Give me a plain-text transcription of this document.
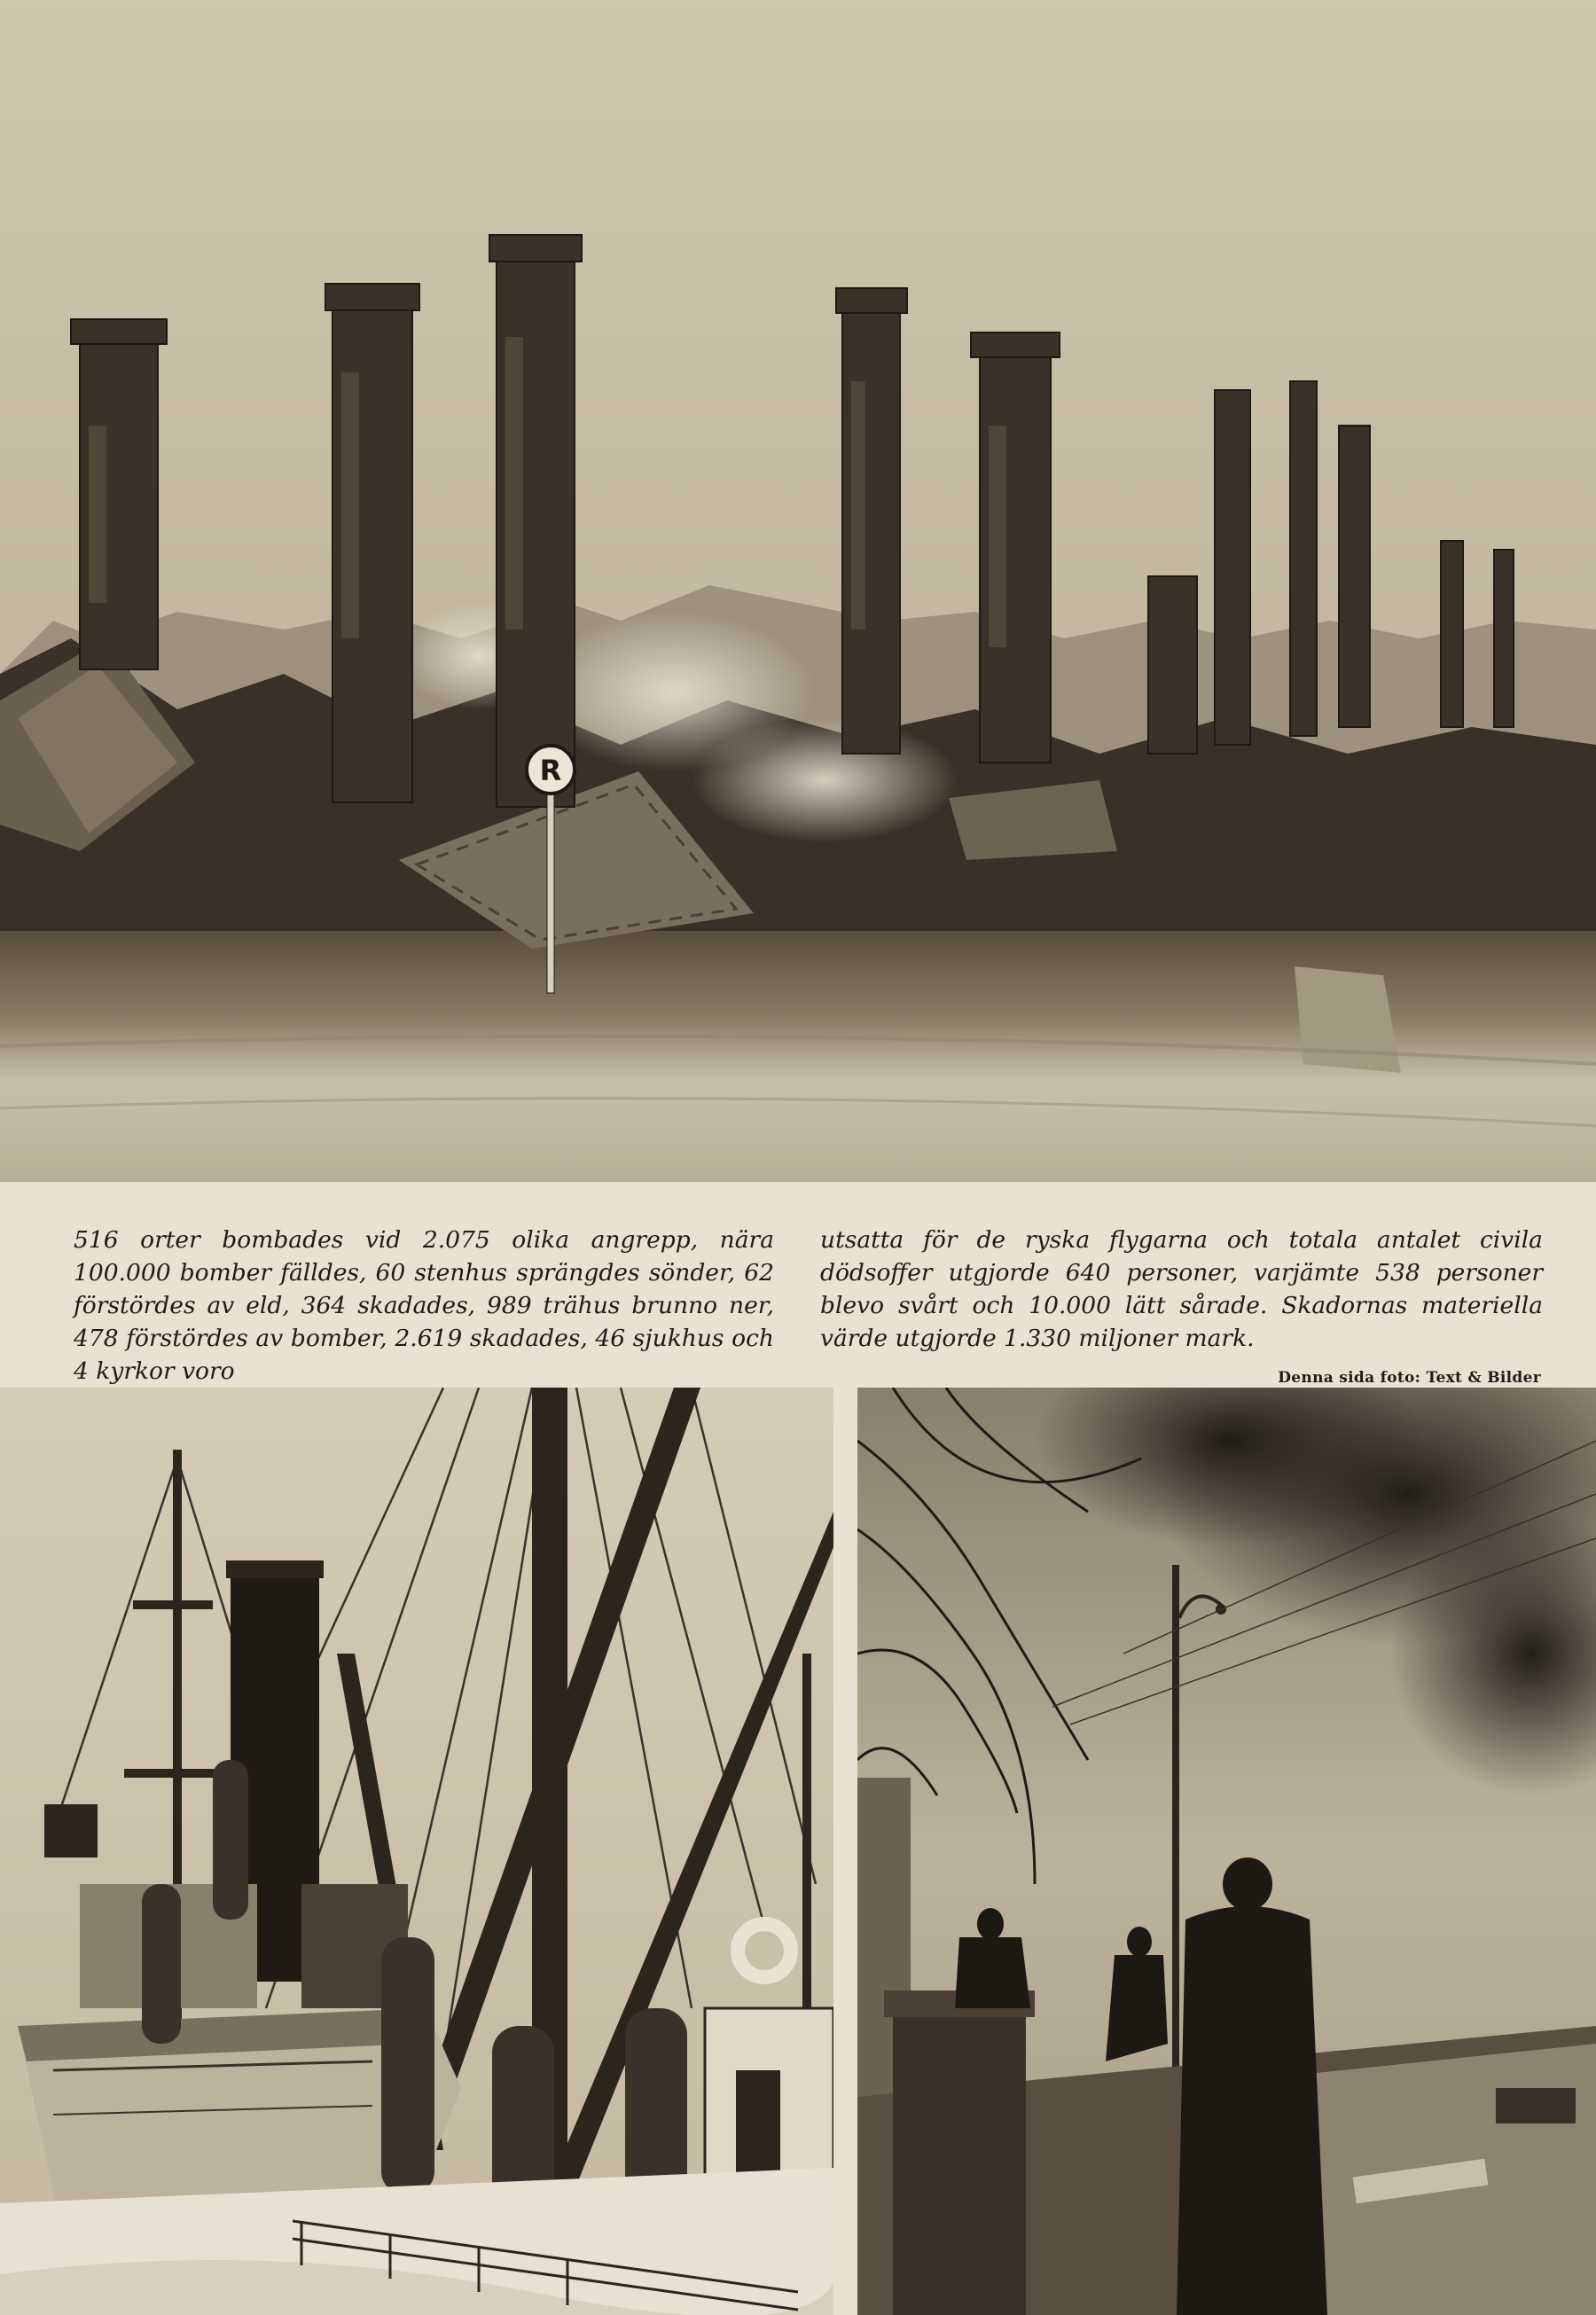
R
516 orter bombades vid 2.075 olika angrepp, nära 100.000 bomber fälldes, 60 stenhus sprängdes sönder, 62 förstördes av eld, 364 skadades, 989 trähus brunno ner, 478 förstördes av bomber, 2.619 skadades, 46 sjukhus och 4 kyrkor voro
utsatta för de ryska flygarna och totala antalet civila dödsoffer utgjorde 640 personer, varjämte 538 personer blevo svårt och 10.000 lätt sårade. Skadornas materiella värde utgjorde 1.330 miljoner mark.
Denna sida foto: Text & Bilder
